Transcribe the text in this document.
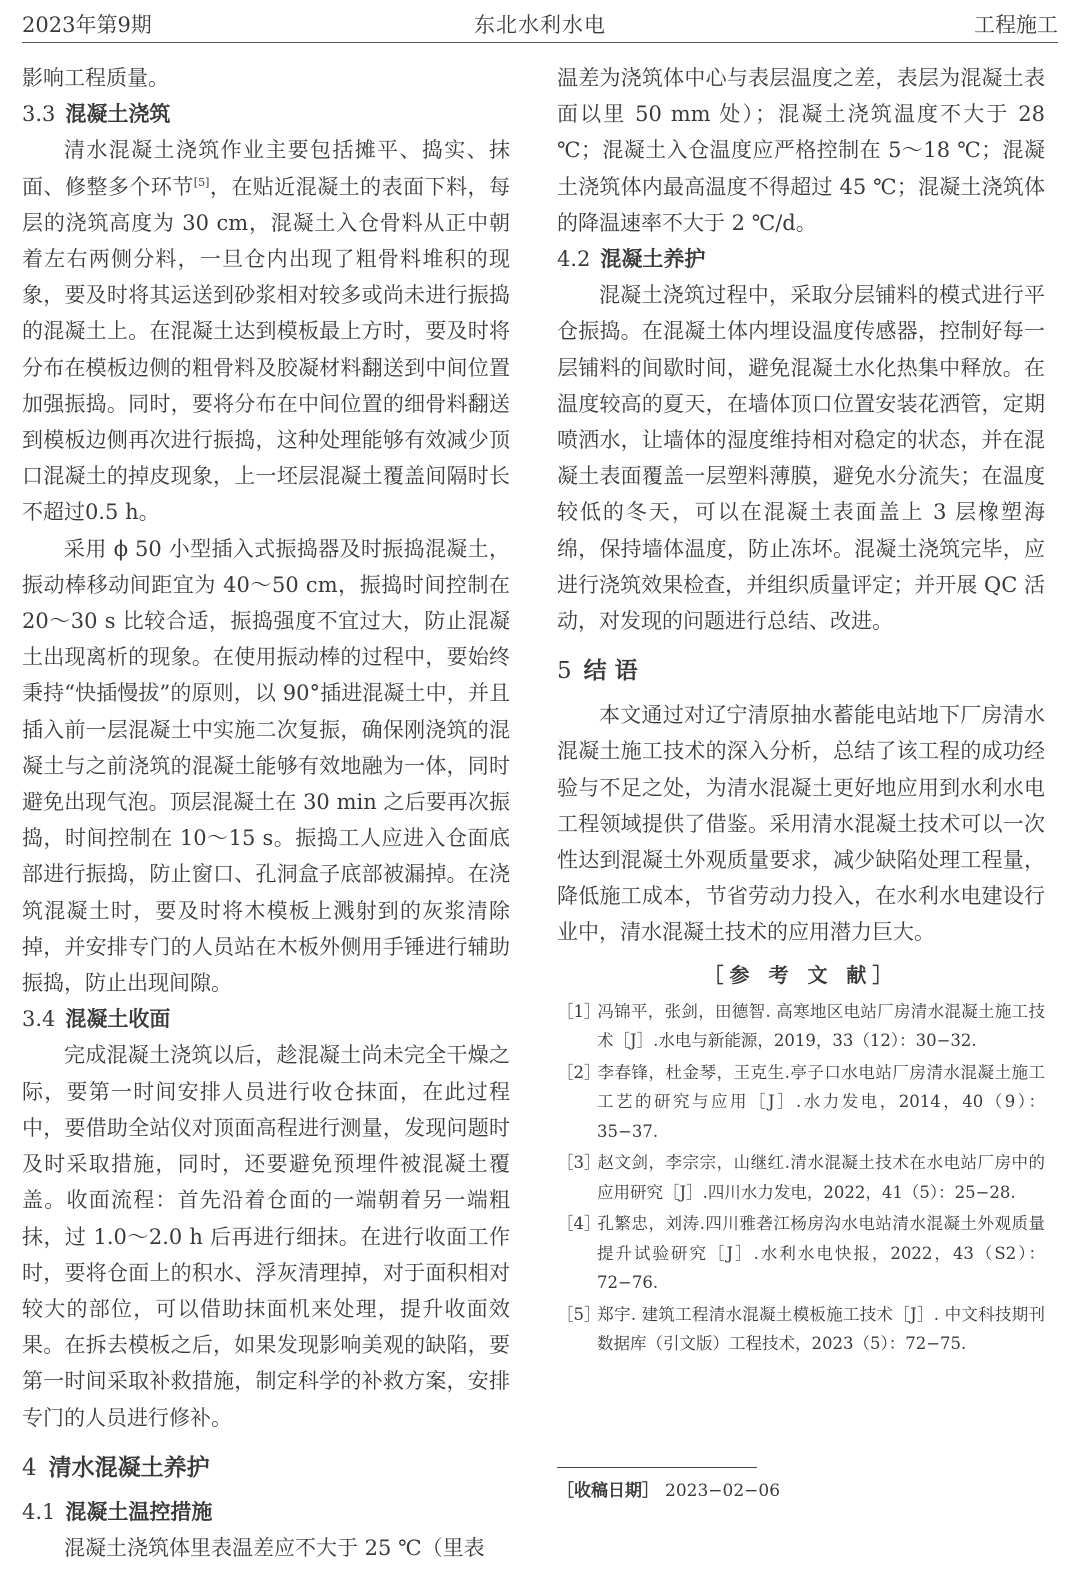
2023年第9期	东北水利水电	工程施工

影响工程质量。

3.3 混凝土浇筑

清水混凝土浇筑作业主要包括摊平、捣实、抹面、修整多个环节[5]，在贴近混凝土的表面下料，每层的浇筑高度为 30 cm，混凝土入仓骨料从正中朝着左右两侧分料，一旦仓内出现了粗骨料堆积的现象，要及时将其运送到砂浆相对较多或尚未进行振捣的混凝土上。在混凝土达到模板最上方时，要及时将分布在模板边侧的粗骨料及胶凝材料翻送到中间位置加强振捣。同时，要将分布在中间位置的细骨料翻送到模板边侧再次进行振捣，这种处理能够有效减少顶口混凝土的掉皮现象，上一坯层混凝土覆盖间隔时长不超过0.5 h。

采用 ϕ 50 小型插入式振捣器及时振捣混凝土，振动棒移动间距宜为 40～50 cm，振捣时间控制在 20～30 s 比较合适，振捣强度不宜过大，防止混凝土出现离析的现象。在使用振动棒的过程中，要始终秉持“快插慢拔”的原则，以 90°插进混凝土中，并且插入前一层混凝土中实施二次复振，确保刚浇筑的混凝土与之前浇筑的混凝土能够有效地融为一体，同时避免出现气泡。顶层混凝土在 30 min 之后要再次振捣，时间控制在 10～15 s。振捣工人应进入仓面底部进行振捣，防止窗口、孔洞盒子底部被漏掉。在浇筑混凝土时，要及时将木模板上溅射到的灰浆清除掉，并安排专门的人员站在木板外侧用手锤进行辅助振捣，防止出现间隙。

3.4 混凝土收面

完成混凝土浇筑以后，趁混凝土尚未完全干燥之际，要第一时间安排人员进行收仓抹面，在此过程中，要借助全站仪对顶面高程进行测量，发现问题时及时采取措施，同时，还要避免预埋件被混凝土覆盖。收面流程：首先沿着仓面的一端朝着另一端粗抹，过 1.0～2.0 h 后再进行细抹。在进行收面工作时，要将仓面上的积水、浮灰清理掉，对于面积相对较大的部位，可以借助抹面机来处理，提升收面效果。在拆去模板之后，如果发现影响美观的缺陷，要第一时间采取补救措施，制定科学的补救方案，安排专门的人员进行修补。

4 清水混凝土养护
4.1 混凝土温控措施

混凝土浇筑体里表温差应不大于 25 ℃（里表

温差为浇筑体中心与表层温度之差，表层为混凝土表面以里 50 mm 处）；混凝土浇筑温度不大于 28 ℃；混凝土入仓温度应严格控制在 5～18 ℃；混凝土浇筑体内最高温度不得超过 45 ℃；混凝土浇筑体的降温速率不大于 2 ℃/d。

4.2 混凝土养护

混凝土浇筑过程中，采取分层铺料的模式进行平仓振捣。在混凝土体内埋设温度传感器，控制好每一层铺料的间歇时间，避免混凝土水化热集中释放。在温度较高的夏天，在墙体顶口位置安装花洒管，定期喷洒水，让墙体的湿度维持相对稳定的状态，并在混凝土表面覆盖一层塑料薄膜，避免水分流失；在温度较低的冬天，可以在混凝土表面盖上 3 层橡塑海绵，保持墙体温度，防止冻坏。混凝土浇筑完毕，应进行浇筑效果检查，并组织质量评定；并开展 QC 活动，对发现的问题进行总结、改进。

5 结 语

本文通过对辽宁清原抽水蓄能电站地下厂房清水混凝土施工技术的深入分析，总结了该工程的成功经验与不足之处，为清水混凝土更好地应用到水利水电工程领域提供了借鉴。采用清水混凝土技术可以一次性达到混凝土外观质量要求，减少缺陷处理工程量，降低施工成本，节省劳动力投入，在水利水电建设行业中，清水混凝土技术的应用潜力巨大。

［参 考 文 献］
［1］冯锦平，张剑，田德智. 高寒地区电站厂房清水混凝土施工技术［J］.水电与新能源，2019，33（12）：30−32.
［2］李春锋，杜金琴，王克生.亭子口水电站厂房清水混凝土施工工艺的研究与应用［J］.水力发电，2014，40（9）：35−37.
［3］赵文剑，李宗宗，山继红.清水混凝土技术在水电站厂房中的应用研究［J］.四川水力发电，2022，41（5）：25−28.
［4］孔繁忠，刘涛.四川雅砻江杨房沟水电站清水混凝土外观质量提升试验研究［J］.水利水电快报，2022，43（S2）：72−76.
［5］郑宇. 建筑工程清水混凝土模板施工技术［J］. 中文科技期刊数据库（引文版）工程技术，2023（5）：72−75.
［收稿日期］ 2023−02−06
